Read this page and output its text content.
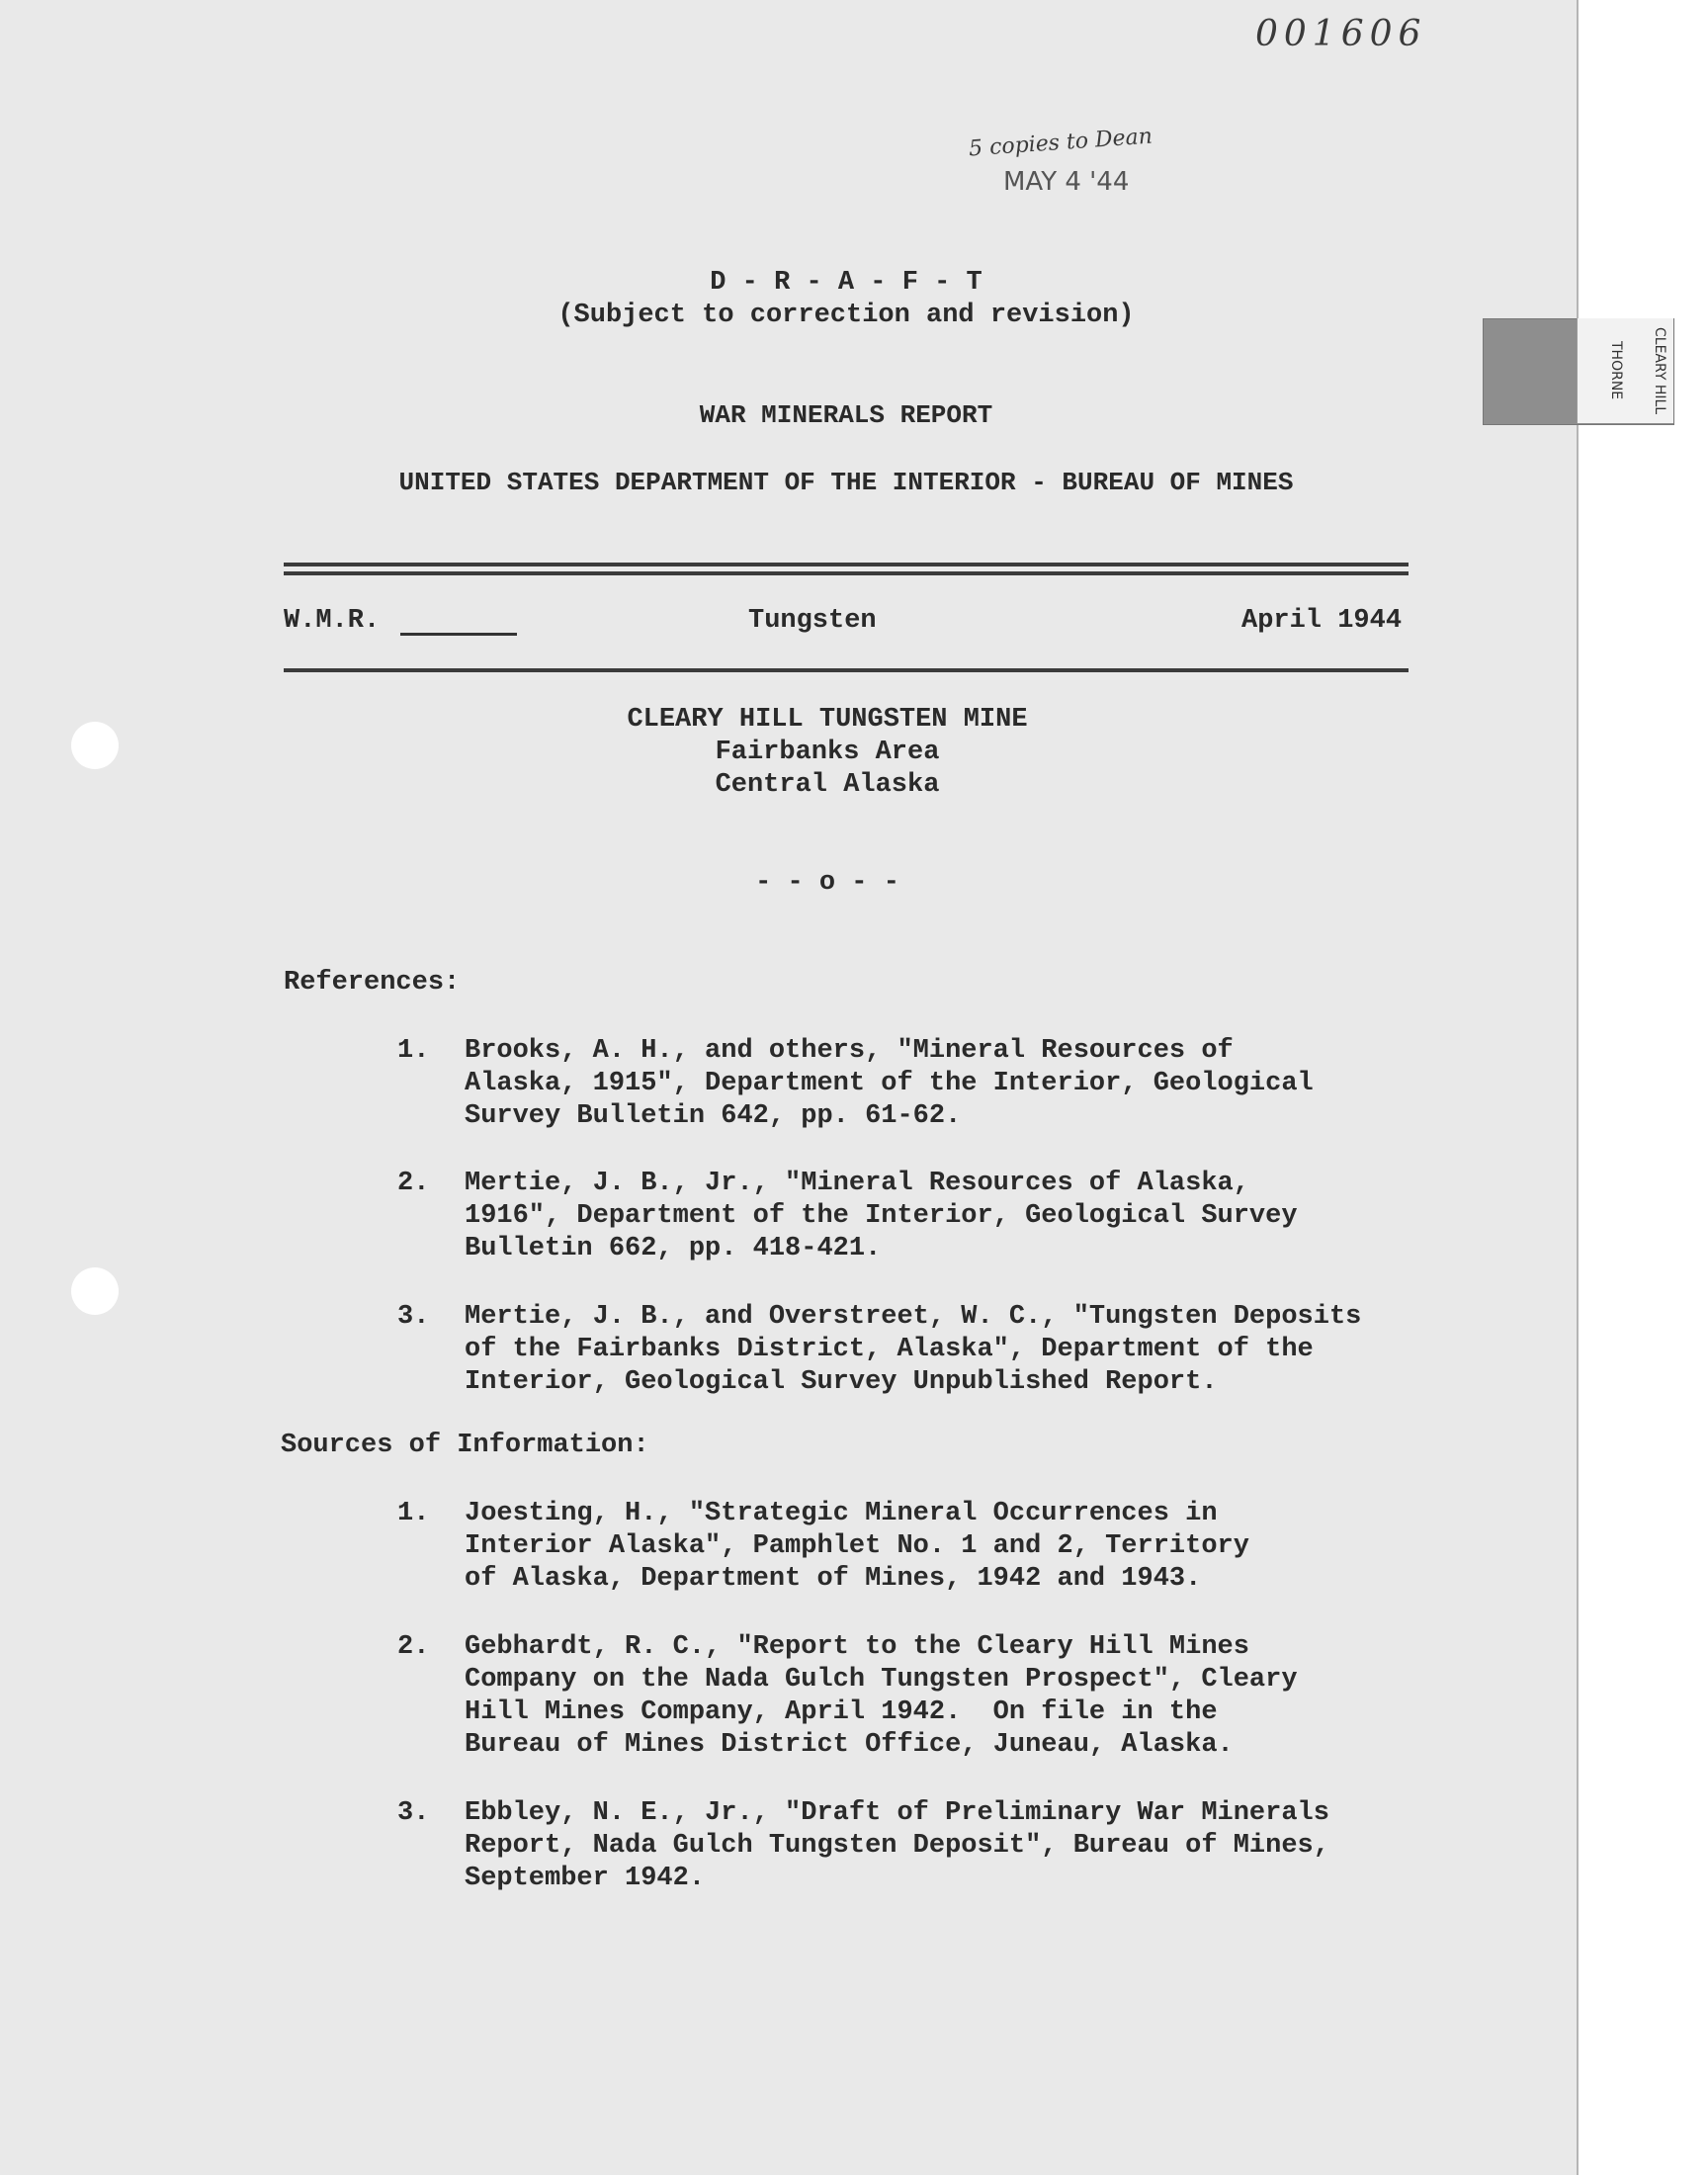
001606
5 copies to Dean
MAY 4 '44
D - R - A - F - T
(Subject to correction and revision)
WAR MINERALS REPORT
UNITED STATES DEPARTMENT OF THE INTERIOR - BUREAU OF MINES
W.M.R.	Tungsten	April 1944
CLEARY HILL TUNGSTEN MINE
Fairbanks Area
Central Alaska
- - o - -
References:
1. Brooks, A. H., and others, "Mineral Resources of
Alaska, 1915", Department of the Interior, Geological
Survey Bulletin 642, pp. 61-62.
2. Mertie, J. B., Jr., "Mineral Resources of Alaska,
1916", Department of the Interior, Geological Survey
Bulletin 662, pp. 418-421.
3. Mertie, J. B., and Overstreet, W. C., "Tungsten Deposits
of the Fairbanks District, Alaska", Department of the
Interior, Geological Survey Unpublished Report.
Sources of Information:
1. Joesting, H., "Strategic Mineral Occurrences in
Interior Alaska", Pamphlet No. 1 and 2, Territory
of Alaska, Department of Mines, 1942 and 1943.
2. Gebhardt, R. C., "Report to the Cleary Hill Mines
Company on the Nada Gulch Tungsten Prospect", Cleary
Hill Mines Company, April 1942.  On file in the
Bureau of Mines District Office, Juneau, Alaska.
3. Ebbley, N. E., Jr., "Draft of Preliminary War Minerals
Report, Nada Gulch Tungsten Deposit", Bureau of Mines,
September 1942.
CLEARY HILL
THORNE
